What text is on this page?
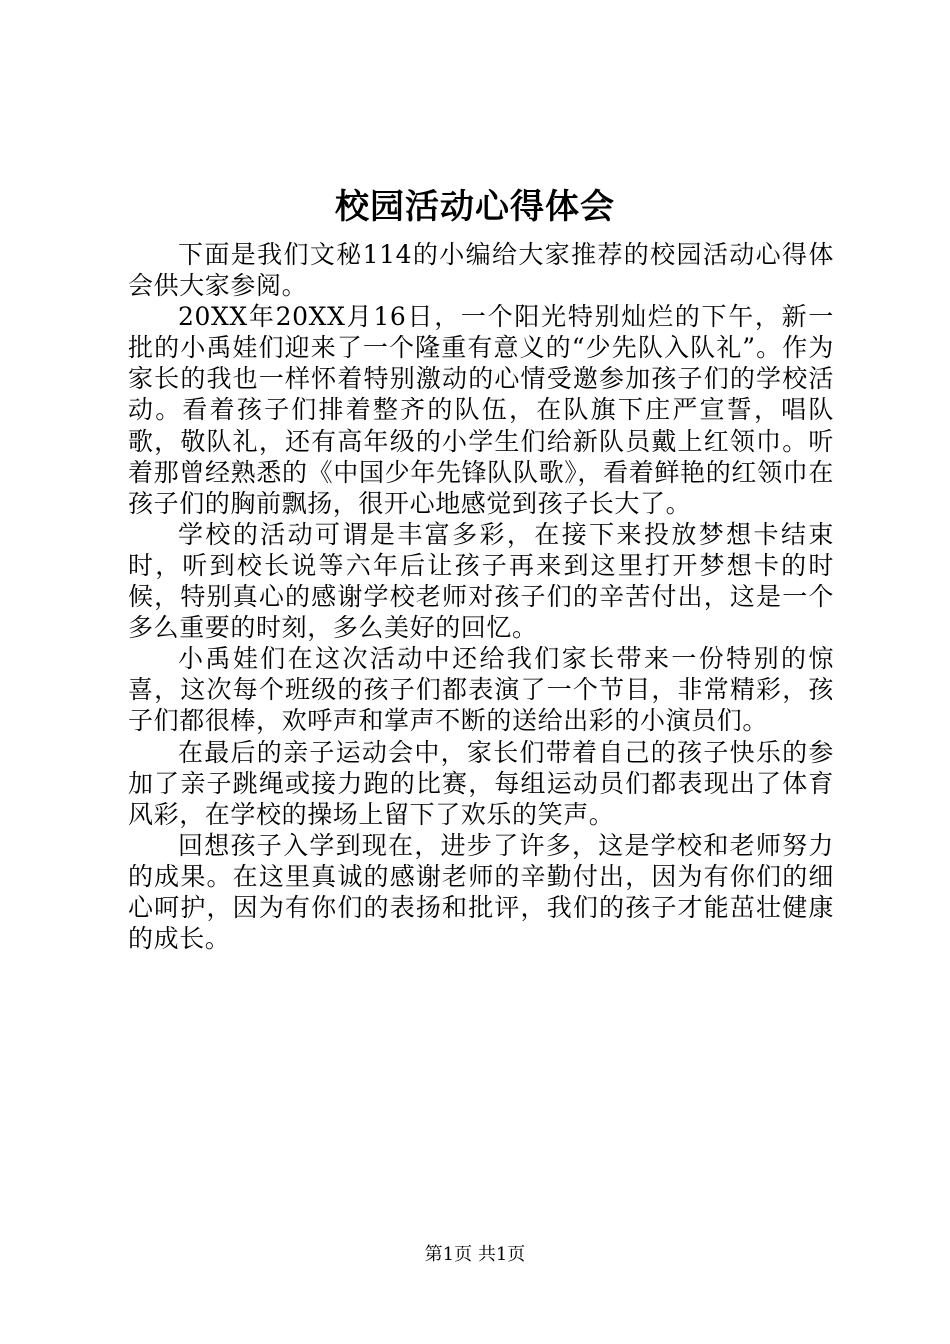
校园活动心得体会

下面是我们文秘114的小编给大家推荐的校园活动心得体会供大家参阅。

20XX年20XX月16日，一个阳光特别灿烂的下午，新一批的小禹娃们迎来了一个隆重有意义的“少先队入队礼”。作为家长的我也一样怀着特别激动的心情受邀参加孩子们的学校活动。看着孩子们排着整齐的队伍，在队旗下庄严宣誓，唱队歌，敬队礼，还有高年级的小学生们给新队员戴上红领巾。听着那曾经熟悉的《中国少年先锋队队歌》，看着鲜艳的红领巾在孩子们的胸前飘扬，很开心地感觉到孩子长大了。

学校的活动可谓是丰富多彩，在接下来投放梦想卡结束时，听到校长说等六年后让孩子再来到这里打开梦想卡的时候，特别真心的感谢学校老师对孩子们的辛苦付出，这是一个多么重要的时刻，多么美好的回忆。

小禹娃们在这次活动中还给我们家长带来一份特别的惊喜，这次每个班级的孩子们都表演了一个节目，非常精彩，孩子们都很棒，欢呼声和掌声不断的送给出彩的小演员们。

在最后的亲子运动会中，家长们带着自己的孩子快乐的参加了亲子跳绳或接力跑的比赛，每组运动员们都表现出了体育风彩，在学校的操场上留下了欢乐的笑声。

回想孩子入学到现在，进步了许多，这是学校和老师努力的成果。在这里真诚的感谢老师的辛勤付出，因为有你们的细心呵护，因为有你们的表扬和批评，我们的孩子才能茁壮健康的成长。

第1页 共1页
